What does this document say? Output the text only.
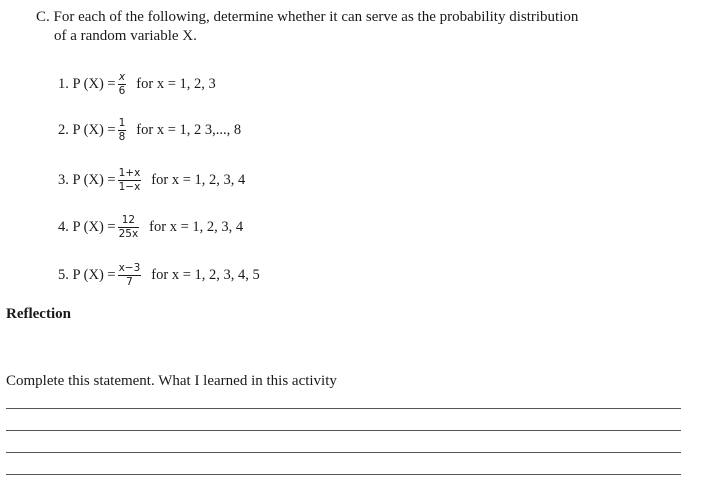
C. For each of the following, determine whether it can serve as the probability distribution
of a random variable X.
1. P $(X) = \frac{x}{6}$ for x = 1, 2, 3
2. P $(X) = \frac{1}{8}$ for x = 1, 2 3,..., 8
3. P $(X) = \frac{1+x}{1-x}$ for x = 1, 2, 3, 4
4. P $(X) = \frac{12}{25x}$ for x = 1, 2, 3, 4
5. P $(X) = \frac{x-3}{7}$ for x = 1, 2, 3, 4, 5
Reflection
Complete this statement. What I learned in this activity
